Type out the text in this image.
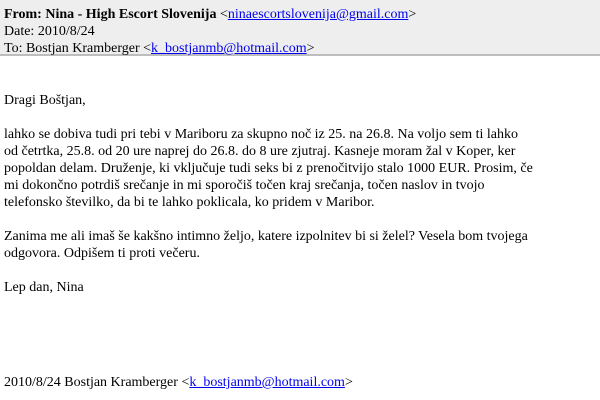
From: Nina - High Escort Slovenija <ninaescortslovenija@gmail.com>
Date: 2010/8/24
To: Bostjan Kramberger <k_bostjanmb@hotmail.com>

Dragi Boštjan,

lahko se dobiva tudi pri tebi v Mariboru za skupno noč iz 25. na 26.8. Na voljo sem ti lahko
od četrtka, 25.8. od 20 ure naprej do 26.8. do 8 ure zjutraj. Kasneje moram žal v Koper, ker
popoldan delam. Druženje, ki vključuje tudi seks bi z prenočitvijo stalo 1000 EUR. Prosim, če
mi dokončno potrdiš srečanje in mi sporočiš točen kraj srečanja, točen naslov in tvojo
telefonsko številko, da bi te lahko poklicala, ko pridem v Maribor.

Zanima me ali imaš še kakšno intimno željo, katere izpolnitev bi si želel? Vesela bom tvojega
odgovora. Odpišem ti proti večeru.

Lep dan, Nina

2010/8/24 Bostjan Kramberger <k_bostjanmb@hotmail.com>
